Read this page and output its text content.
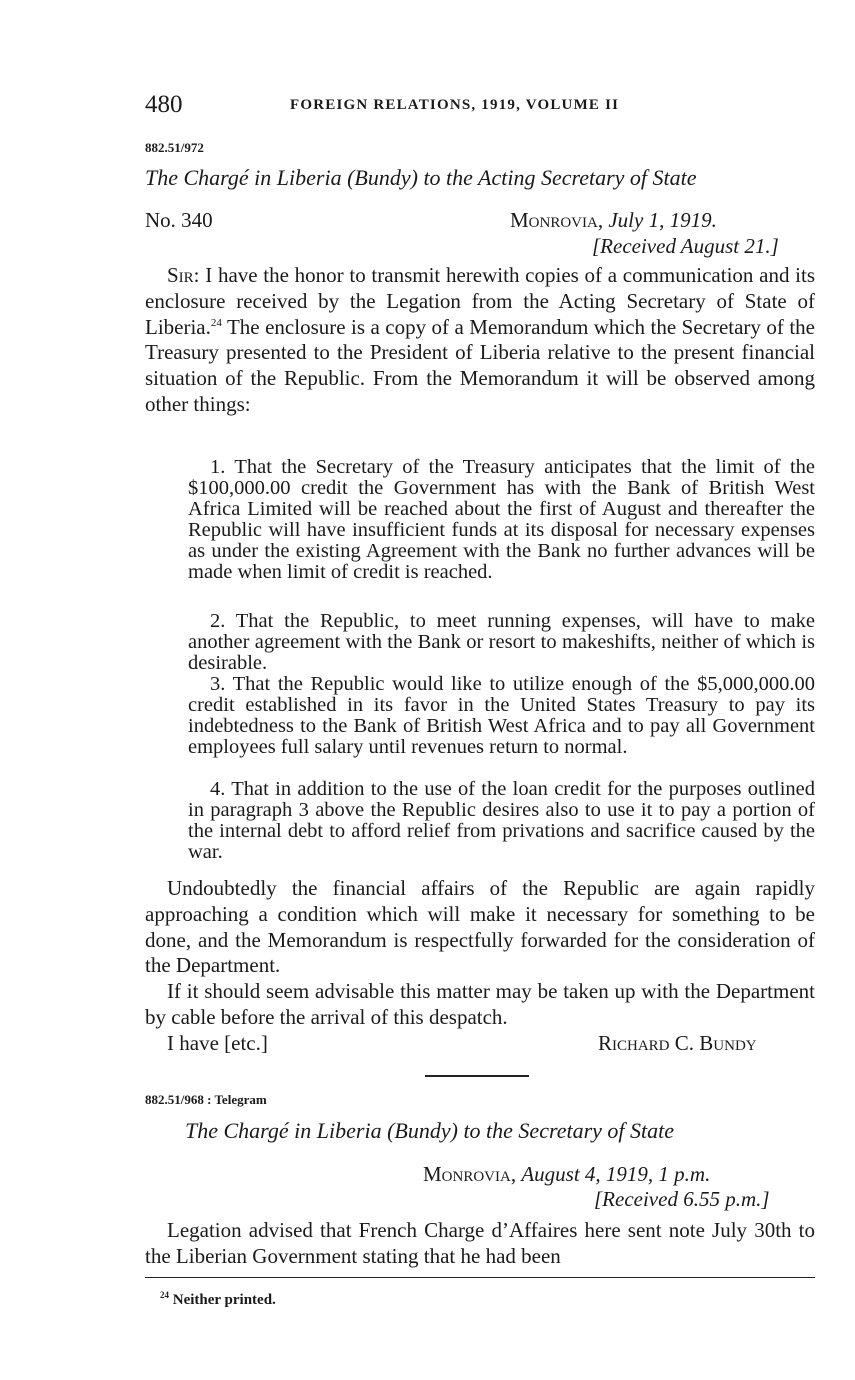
480	FOREIGN RELATIONS, 1919, VOLUME II
882.51/972
The Chargé in Liberia (Bundy) to the Acting Secretary of State
No. 340	Monrovia, July 1, 1919.
[Received August 21.]
Sir: I have the honor to transmit herewith copies of a communication and its enclosure received by the Legation from the Acting Secretary of State of Liberia.$^{24}$ The enclosure is a copy of a Memorandum which the Secretary of the Treasury presented to the President of Liberia relative to the present financial situation of the Republic. From the Memorandum it will be observed among other things:
1. That the Secretary of the Treasury anticipates that the limit of the $100,000.00 credit the Government has with the Bank of British West Africa Limited will be reached about the first of August and thereafter the Republic will have insufficient funds at its disposal for necessary expenses as under the existing Agreement with the Bank no further advances will be made when limit of credit is reached.
2. That the Republic, to meet running expenses, will have to make another agreement with the Bank or resort to makeshifts, neither of which is desirable.
3. That the Republic would like to utilize enough of the $5,000,000.00 credit established in its favor in the United States Treasury to pay its indebtedness to the Bank of British West Africa and to pay all Government employees full salary until revenues return to normal.
4. That in addition to the use of the loan credit for the purposes outlined in paragraph 3 above the Republic desires also to use it to pay a portion of the internal debt to afford relief from privations and sacrifice caused by the war.
Undoubtedly the financial affairs of the Republic are again rapidly approaching a condition which will make it necessary for something to be done, and the Memorandum is respectfully forwarded for the consideration of the Department.
If it should seem advisable this matter may be taken up with the Department by cable before the arrival of this despatch.
I have [etc.]	Richard C. Bundy
882.51/968 : Telegram
The Chargé in Liberia (Bundy) to the Secretary of State
Monrovia, August 4, 1919, 1 p.m.
[Received 6.55 p.m.]
Legation advised that French Charge d’Affaires here sent note July 30th to the Liberian Government stating that he had been
$^{24}$ Neither printed.
